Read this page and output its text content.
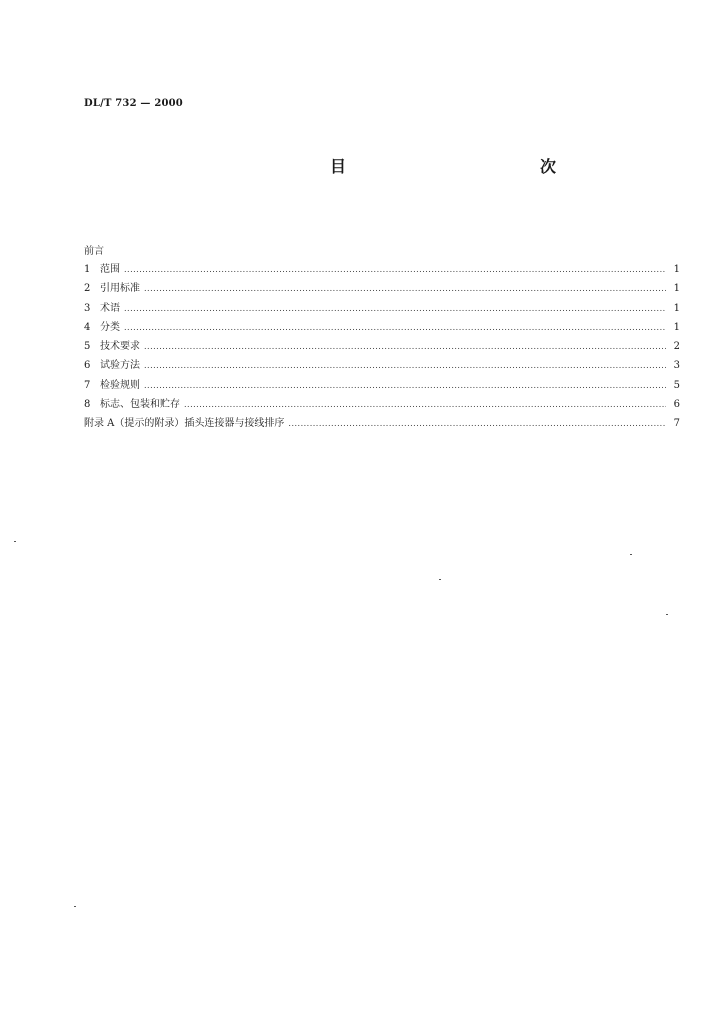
DL/T 732 — 2000
目　　次
前言
1 范围 .....	1
2 引用标准 .....	1
3 术语 .....	1
4 分类 .....	1
5 技术要求 .....	2
6 试验方法 .....	3
7 检验规则 .....	5
8 标志、包装和贮存 .....	6
附录 A（提示的附录）插头连接器与接线排序 .....	7
